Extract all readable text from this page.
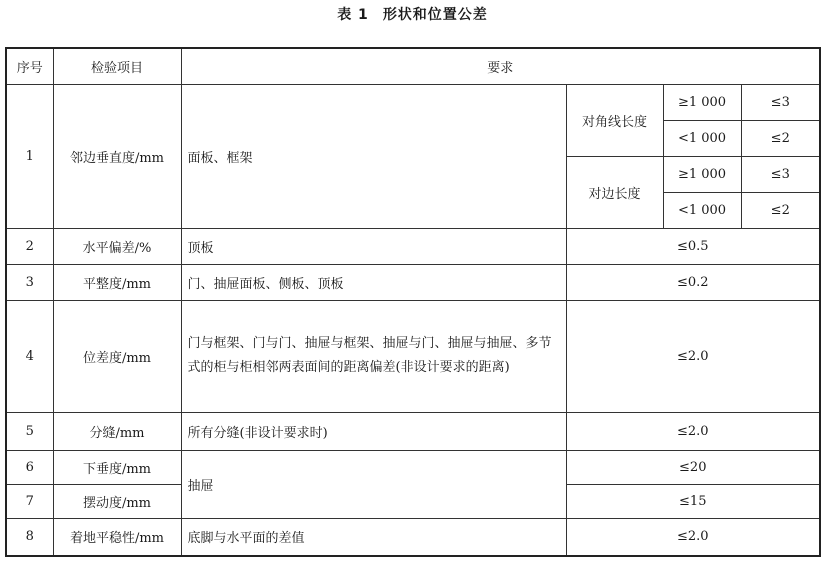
表 1 形状和位置公差
序号	检验项目	要求			
1	邻边垂直度/mm	面板、框架	对角线长度	≥1 000	≤3
				<1 000	≤2
			对边长度	≥1 000	≤3
				<1 000	≤2
2	水平偏差/%	顶板	≤0.5		
3	平整度/mm	门、抽屉面板、侧板、顶板	≤0.2		
4	位差度/mm	门与框架、门与门、抽屉与框架、抽屉与门、抽屉与抽屉、多节式的柜与柜相邻两表面间的距离偏差(非设计要求的距离)	≤2.0		
5	分缝/mm	所有分缝(非设计要求时)	≤2.0		
6	下垂度/mm	抽屉	≤20		
7	摆动度/mm		≤15		
8	着地平稳性/mm	底脚与水平面的差值	≤2.0		
